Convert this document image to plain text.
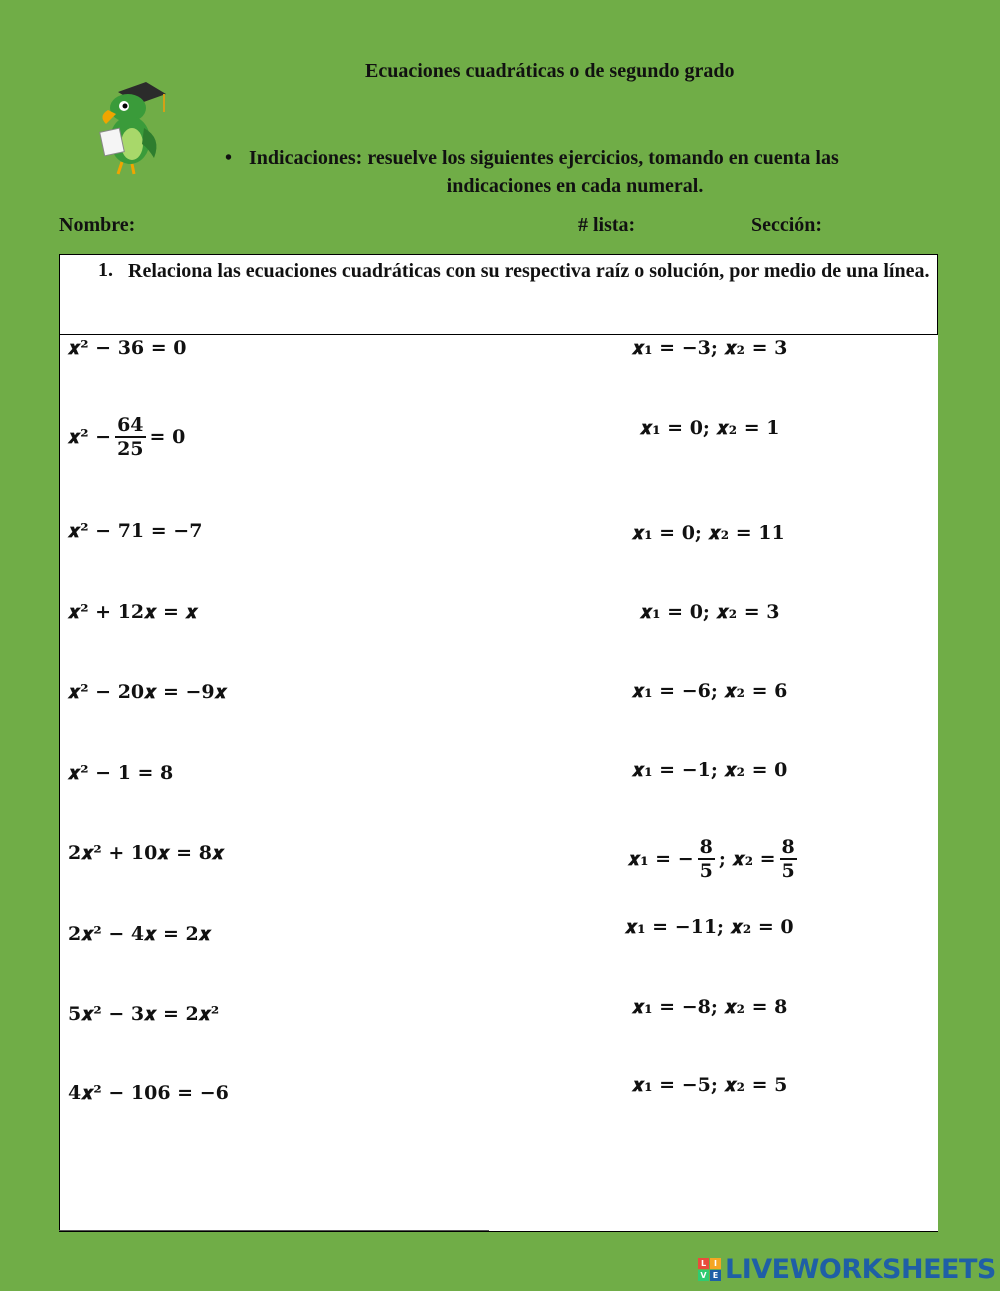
Ecuaciones cuadráticas o de segundo grado
• Indicaciones: resuelve los siguientes ejercicios, tomando en cuenta las
indicaciones en cada numeral.
Nombre:	# lista:	Sección:
1. Relaciona las ecuaciones cuadráticas con su respectiva raíz o solución, por medio de una línea.
𝒙² − 𝟑𝟔 = 𝟎
𝒙² − $\frac{𝟔𝟒}{𝟐𝟓}$ = 𝟎
𝒙² − 𝟕𝟏 = −𝟕
𝒙² + 𝟏𝟐𝒙 = 𝒙
𝒙² − 𝟐𝟎𝒙 = −𝟗𝒙
𝒙² − 𝟏 = 𝟖
𝟐𝒙² + 𝟏𝟎𝒙 = 𝟖𝒙
𝟐𝒙² − 𝟒𝒙 = 𝟐𝒙
𝟓𝒙² − 𝟑𝒙 = 𝟐𝒙²
𝟒𝒙² − 𝟏𝟎𝟔 = −𝟔
𝒙₁ = −𝟑; 𝒙₂ = 𝟑
𝒙₁ = 𝟎; 𝒙₂ = 𝟏
𝒙₁ = 𝟎; 𝒙₂ = 𝟏𝟏
𝒙₁ = 𝟎; 𝒙₂ = 𝟑
𝒙₁ = −𝟔; 𝒙₂ = 𝟔
𝒙₁ = −𝟏; 𝒙₂ = 𝟎
𝒙₁ = − $\frac{𝟖}{𝟓}$ ; 𝒙₂ = $\frac{𝟖}{𝟓}$
𝒙₁ = −𝟏𝟏; 𝒙₂ = 𝟎
𝒙₁ = −𝟖; 𝒙₂ = 𝟖
𝒙₁ = −𝟓; 𝒙₂ = 𝟓
L I
V E LIVEWORKSHEETS
